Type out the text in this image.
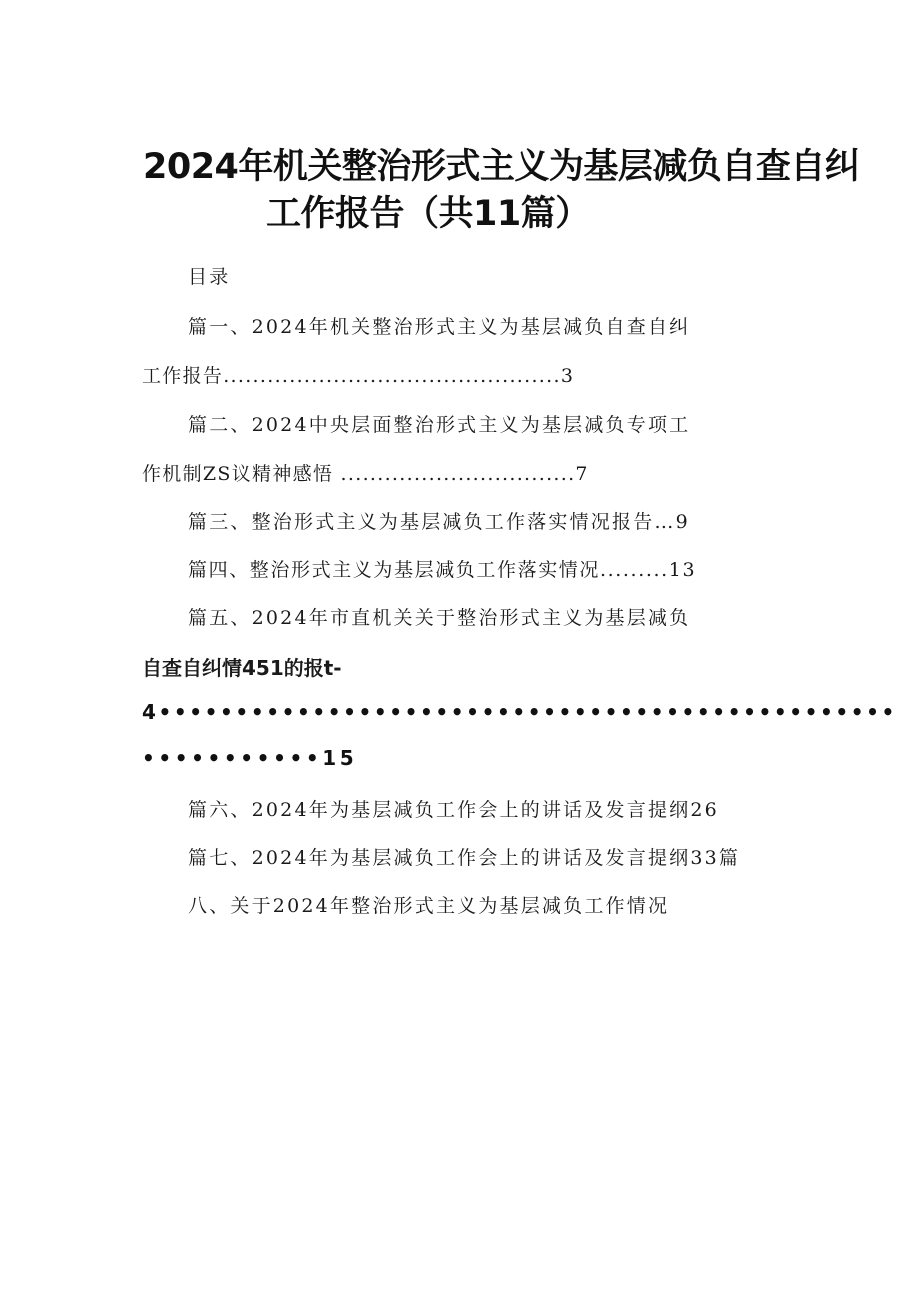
2024年机关整治形式主义为基层减负自查自纠
工作报告（共11篇）
目录
篇一、2024年机关整治形式主义为基层减负自查自纠
工作报告..............................................3
篇二、2024中央层面整治形式主义为基层减负专项工
作机制ZS议精神感悟 ................................7
篇三、整治形式主义为基层减负工作落实情况报告…9
篇四、整治形式主义为基层减负工作落实情况.........13
篇五、2024年市直机关关于整治形式主义为基层减负
自查自纠情451的报t-
4••••••••••••••••••••••••••••••••••••••••••••••••
•••••••••••15
篇六、2024年为基层减负工作会上的讲话及发言提纲26
篇七、2024年为基层减负工作会上的讲话及发言提纲33篇
八、关于2024年整治形式主义为基层减负工作情况
